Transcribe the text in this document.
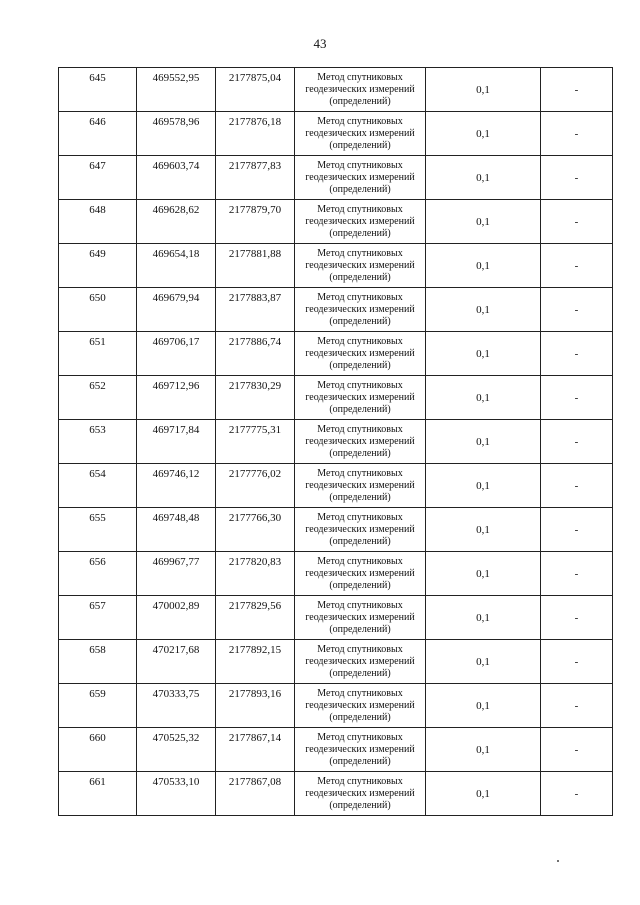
43
645	469552,95	2177875,04	Метод спутниковых геодезических измерений (определений)	0,1	-
646	469578,96	2177876,18	Метод спутниковых геодезических измерений (определений)	0,1	-
647	469603,74	2177877,83	Метод спутниковых геодезических измерений (определений)	0,1	-
648	469628,62	2177879,70	Метод спутниковых геодезических измерений (определений)	0,1	-
649	469654,18	2177881,88	Метод спутниковых геодезических измерений (определений)	0,1	-
650	469679,94	2177883,87	Метод спутниковых геодезических измерений (определений)	0,1	-
651	469706,17	2177886,74	Метод спутниковых геодезических измерений (определений)	0,1	-
652	469712,96	2177830,29	Метод спутниковых геодезических измерений (определений)	0,1	-
653	469717,84	2177775,31	Метод спутниковых геодезических измерений (определений)	0,1	-
654	469746,12	2177776,02	Метод спутниковых геодезических измерений (определений)	0,1	-
655	469748,48	2177766,30	Метод спутниковых геодезических измерений (определений)	0,1	-
656	469967,77	2177820,83	Метод спутниковых геодезических измерений (определений)	0,1	-
657	470002,89	2177829,56	Метод спутниковых геодезических измерений (определений)	0,1	-
658	470217,68	2177892,15	Метод спутниковых геодезических измерений (определений)	0,1	-
659	470333,75	2177893,16	Метод спутниковых геодезических измерений (определений)	0,1	-
660	470525,32	2177867,14	Метод спутниковых геодезических измерений (определений)	0,1	-
661	470533,10	2177867,08	Метод спутниковых геодезических измерений (определений)	0,1	-
